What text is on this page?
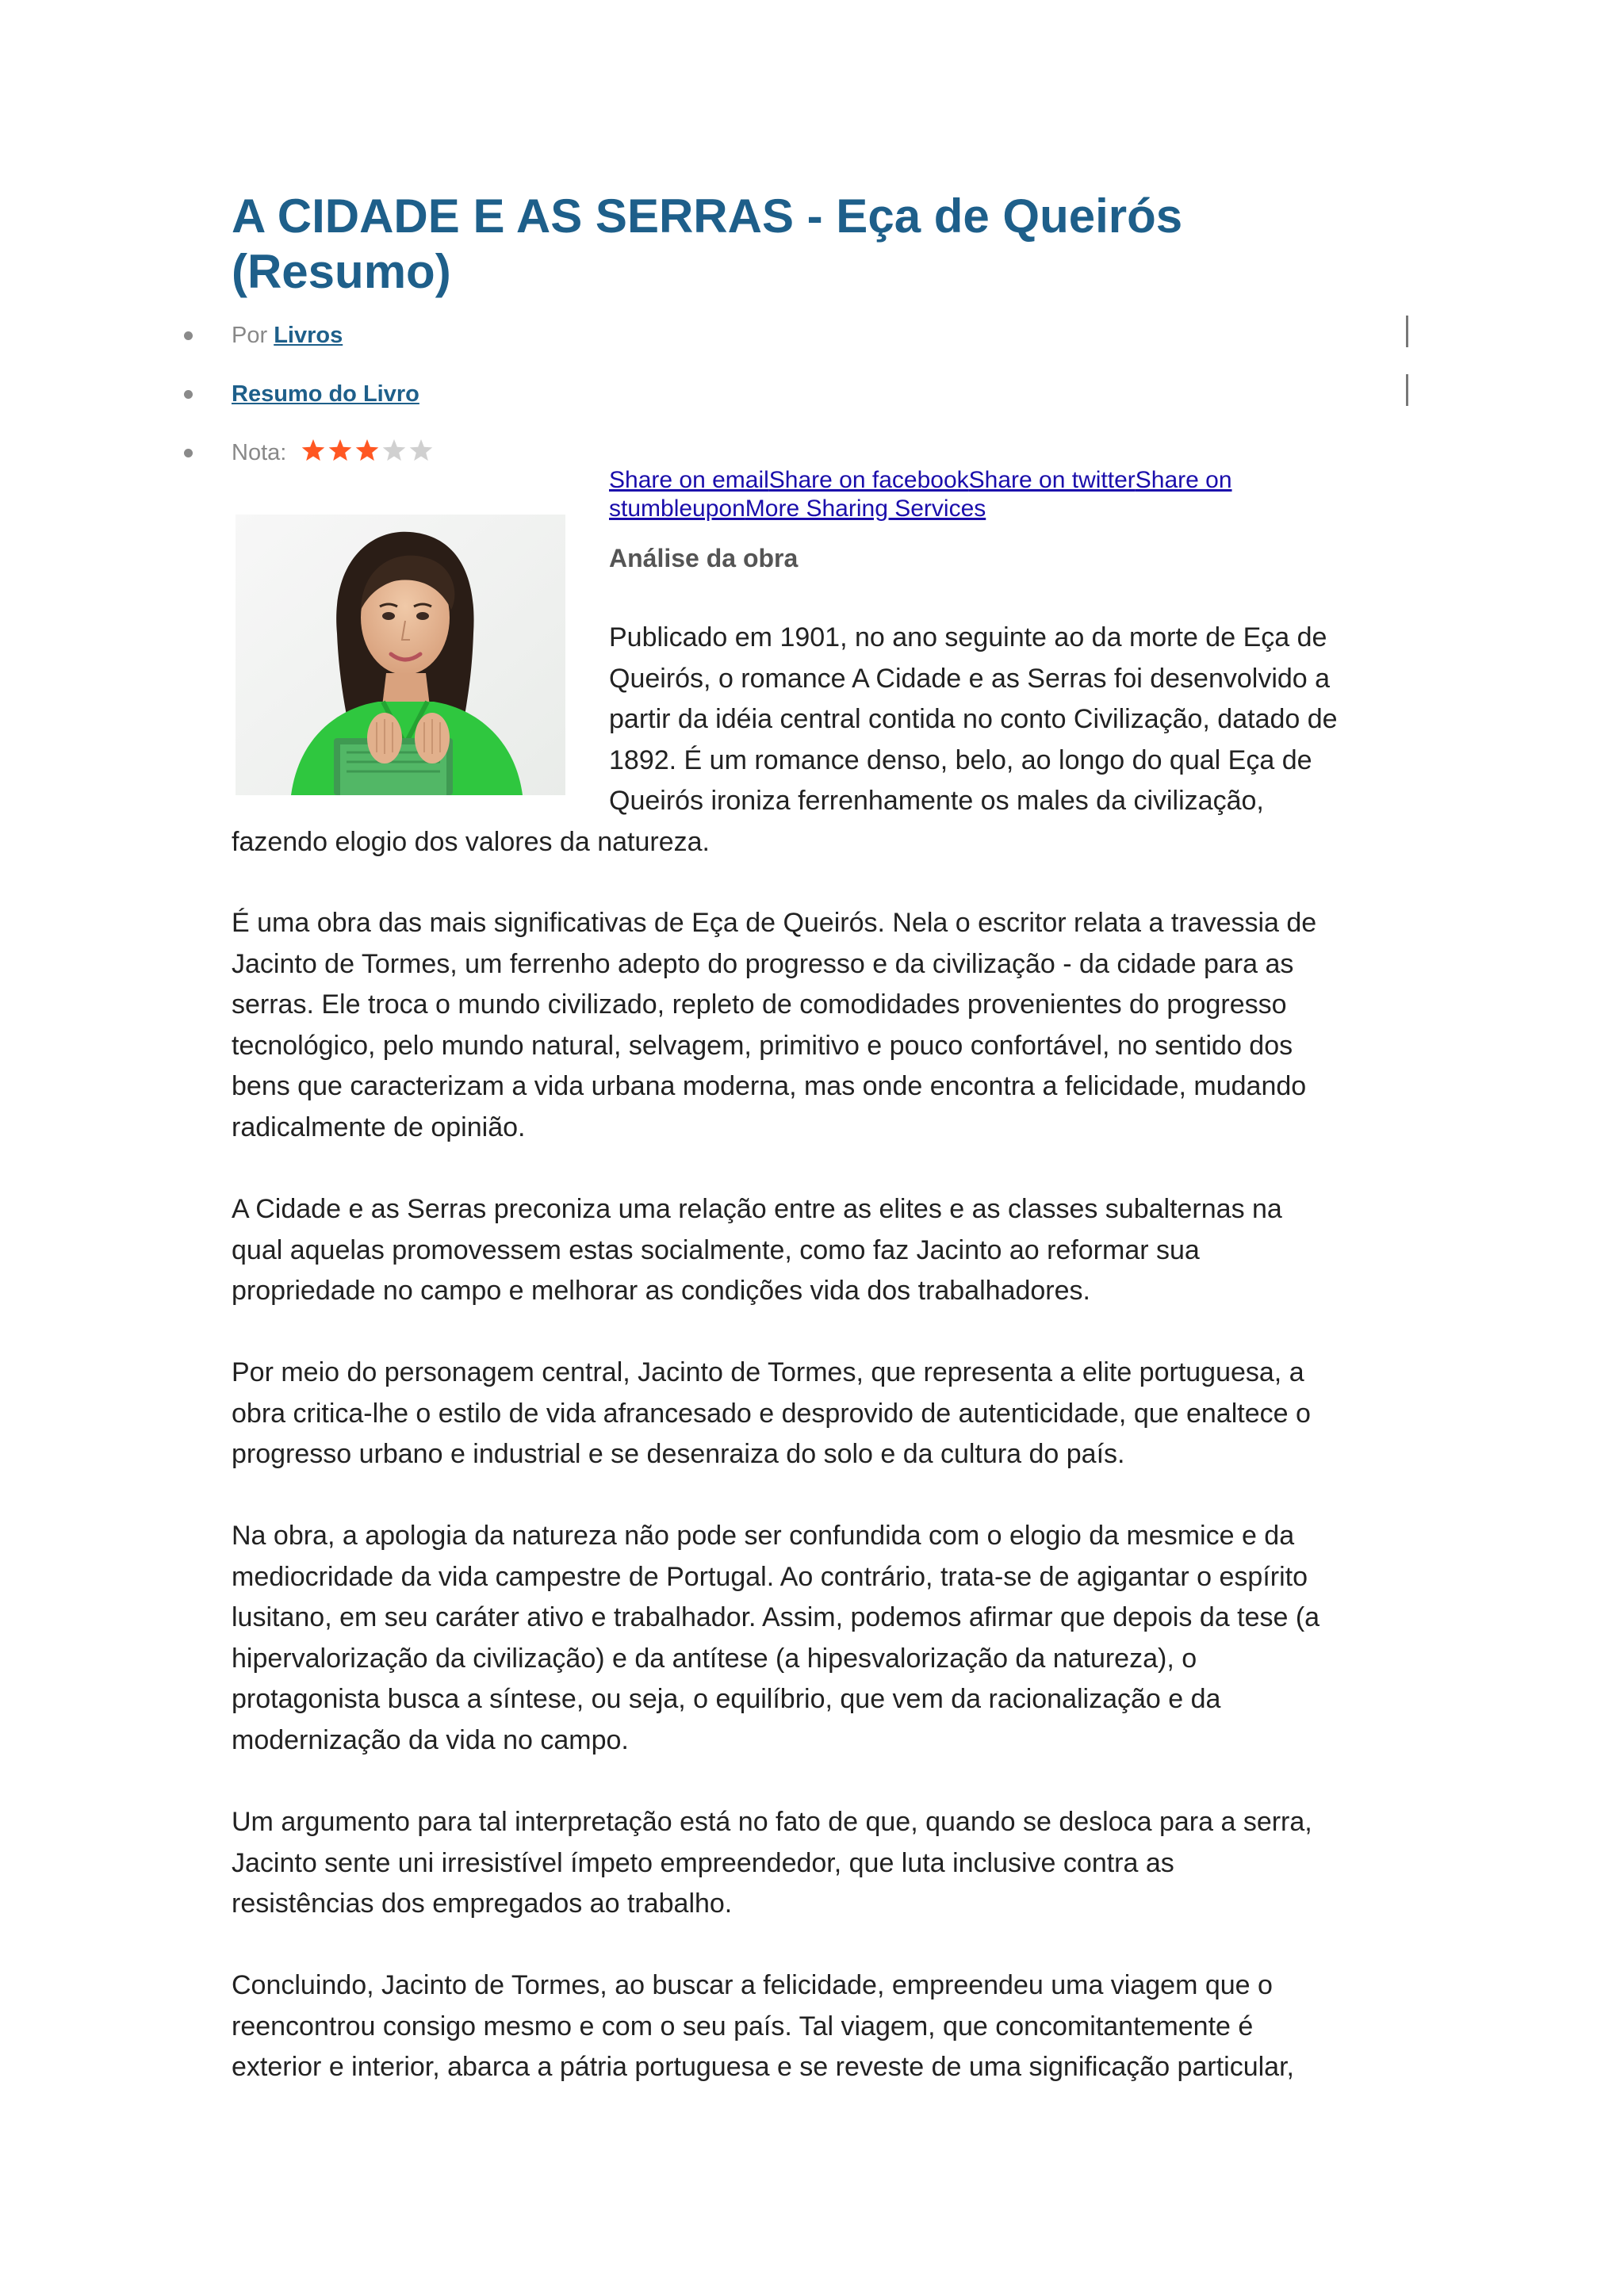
A CIDADE E AS SERRAS - Eça de Queirós (Resumo)
Por Livros
Resumo do Livro
Nota:
Share on emailShare on facebookShare on twitterShare on stumbleuponMore Sharing Services
Análise da obra
Publicado em 1901, no ano seguinte ao da morte de Eça de
Queirós, o romance A Cidade e as Serras foi desenvolvido a
partir da idéia central contida no conto Civilização, datado de
1892. É um romance denso, belo, ao longo do qual Eça de
Queirós ironiza ferrenhamente os males da civilização,
fazendo elogio dos valores da natureza.
É uma obra das mais significativas de Eça de Queirós. Nela o escritor relata a travessia de
Jacinto de Tormes, um ferrenho adepto do progresso e da civilização - da cidade para as
serras. Ele troca o mundo civilizado, repleto de comodidades provenientes do progresso
tecnológico, pelo mundo natural, selvagem, primitivo e pouco confortável, no sentido dos
bens que caracterizam a vida urbana moderna, mas onde encontra a felicidade, mudando
radicalmente de opinião.
A Cidade e as Serras preconiza uma relação entre as elites e as classes subalternas na
qual aquelas promovessem estas socialmente, como faz Jacinto ao reformar sua
propriedade no campo e melhorar as condições vida dos trabalhadores.
Por meio do personagem central, Jacinto de Tormes, que representa a elite portuguesa, a
obra critica-lhe o estilo de vida afrancesado e desprovido de autenticidade, que enaltece o
progresso urbano e industrial e se desenraiza do solo e da cultura do país.
Na obra, a apologia da natureza não pode ser confundida com o elogio da mesmice e da
mediocridade da vida campestre de Portugal. Ao contrário, trata-se de agigantar o espírito
lusitano, em seu caráter ativo e trabalhador. Assim, podemos afirmar que depois da tese (a
hipervalorização da civilização) e da antítese (a hipesvalorização da natureza), o
protagonista busca a síntese, ou seja, o equilíbrio, que vem da racionalização e da
modernização da vida no campo.
Um argumento para tal interpretação está no fato de que, quando se desloca para a serra,
Jacinto sente uni irresistível ímpeto empreendedor, que luta inclusive contra as
resistências dos empregados ao trabalho.
Concluindo, Jacinto de Tormes, ao buscar a felicidade, empreendeu uma viagem que o
reencontrou consigo mesmo e com o seu país. Tal viagem, que concomitantemente é
exterior e interior, abarca a pátria portuguesa e se reveste de uma significação particular,
